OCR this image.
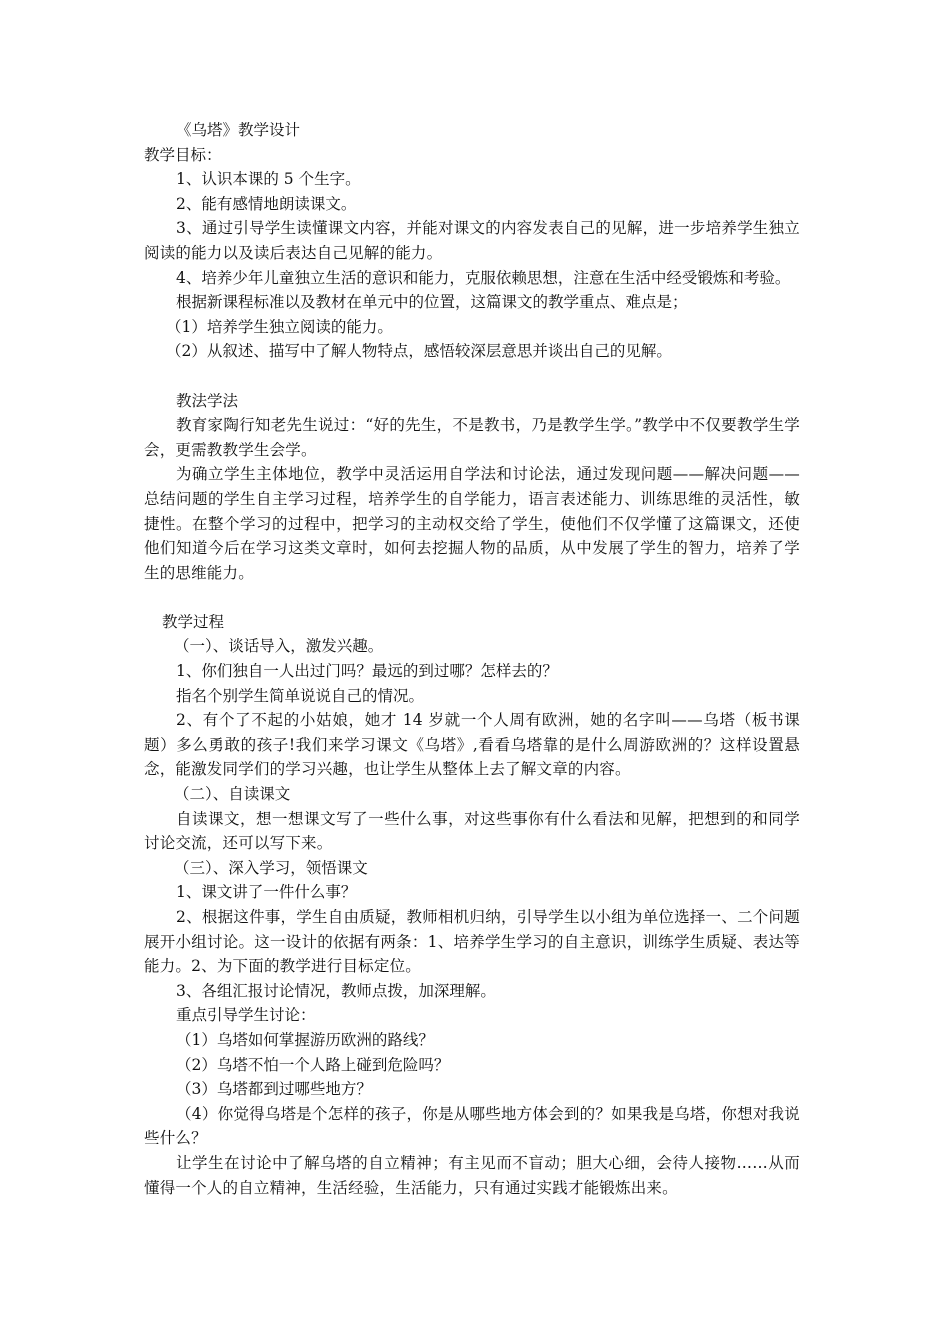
《乌塔》教学设计

教学目标：

1、认识本课的 5 个生字。

2、能有感情地朗读课文。

3、通过引导学生读懂课文内容，并能对课文的内容发表自己的见解，进一步培养学生独立阅读的能力以及读后表达自己见解的能力。

4、培养少年儿童独立生活的意识和能力，克服依赖思想，注意在生活中经受锻炼和考验。

根据新课程标准以及教材在单元中的位置，这篇课文的教学重点、难点是；

（1）培养学生独立阅读的能力。

（2）从叙述、描写中了解人物特点，感悟较深层意思并谈出自己的见解。

教法学法

教育家陶行知老先生说过：“好的先生，不是教书，乃是教学生学。”教学中不仅要教学生学会，更需教教学生会学。

为确立学生主体地位，教学中灵活运用自学法和讨论法，通过发现问题——解决问题——总结问题的学生自主学习过程，培养学生的自学能力，语言表述能力、训练思维的灵活性，敏捷性。在整个学习的过程中，把学习的主动权交给了学生，使他们不仅学懂了这篇课文，还使他们知道今后在学习这类文章时，如何去挖掘人物的品质，从中发展了学生的智力，培养了学生的思维能力。

教学过程

（一）、谈话导入，激发兴趣。

1、你们独自一人出过门吗？最远的到过哪？怎样去的？

指名个别学生简单说说自己的情况。

2、有个了不起的小姑娘，她才 14 岁就一个人周有欧洲，她的名字叫——乌塔（板书课题）多么勇敢的孩子!我们来学习课文《乌塔》,看看乌塔靠的是什么周游欧洲的？这样设置悬念，能激发同学们的学习兴趣，也让学生从整体上去了解文章的内容。

（二）、自读课文

自读课文，想一想课文写了一些什么事，对这些事你有什么看法和见解，把想到的和同学讨论交流，还可以写下来。

（三）、深入学习，领悟课文

1、课文讲了一件什么事？

2、根据这件事，学生自由质疑，教师相机归纳，引导学生以小组为单位选择一、二个问题展开小组讨论。这一设计的依据有两条：1、培养学生学习的自主意识，训练学生质疑、表达等能力。2、为下面的教学进行目标定位。

3、各组汇报讨论情况，教师点拨，加深理解。

重点引导学生讨论：

（1）乌塔如何掌握游历欧洲的路线？

（2）乌塔不怕一个人路上碰到危险吗？

（3）乌塔都到过哪些地方？

（4）你觉得乌塔是个怎样的孩子，你是从哪些地方体会到的？如果我是乌塔，你想对我说些什么？

让学生在讨论中了解乌塔的自立精神；有主见而不盲动；胆大心细，会待人接物……从而懂得一个人的自立精神，生活经验，生活能力，只有通过实践才能锻炼出来。
